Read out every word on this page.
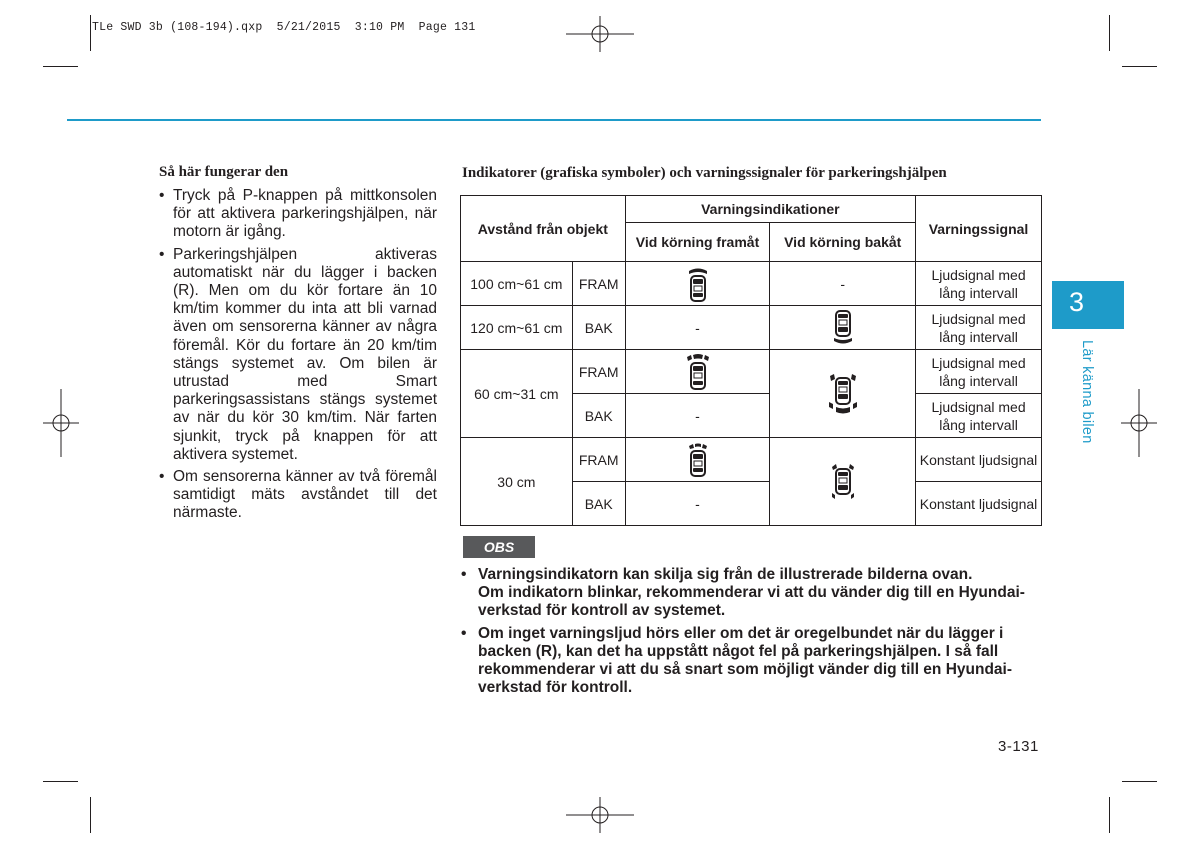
TLe SWD 3b (108-194).qxp  5/21/2015  3:10 PM  Page 131
3
Lär känna bilen
Så här fungerar den
• Tryck på P-knappen på mittkonsolen för att aktivera parkeringshjälpen, när motorn är igång.
• Parkeringshjälpen aktiveras automatiskt när du lägger i backen (R). Men om du kör fortare än 10 km/tim kommer du inta att bli varnad även om sensorerna känner av några föremål. Kör du fortare än 20 km/tim stängs systemet av. Om bilen är utrustad med Smart parkeringsassistans stängs systemet av när du kör 30 km/tim. När farten sjunkit, tryck på knappen för att aktivera systemet.
• Om sensorerna känner av två föremål samtidigt mäts avståndet till det närmaste.
Indikatorer (grafiska symboler) och varningssignaler för parkeringshjälpen
Avstånd från objekt		Varningsindikationer		Varningssignal
		Vid körning framåt	Vid körning bakåt	
100 cm~61 cm	FRAM		-	Ljudsignal med lång intervall
120 cm~61 cm	BAK	-		Ljudsignal med lång intervall
60 cm~31 cm	FRAM			Ljudsignal med lång intervall
	BAK	-		Ljudsignal med lång intervall
30 cm	FRAM			Konstant ljudsignal
	BAK	-		Konstant ljudsignal
OBS
• Varningsindikatorn kan skilja sig från de illustrerade bilderna ovan.
Om indikatorn blinkar, rekommenderar vi att du vänder dig till en Hyundai-verkstad för kontroll av systemet.
• Om inget varningsljud hörs eller om det är oregelbundet när du lägger i backen (R), kan det ha uppstått något fel på parkeringshjälpen. I så fall rekommenderar vi att du så snart som möjligt vänder dig till en Hyundai-verkstad för kontroll.
3-131
